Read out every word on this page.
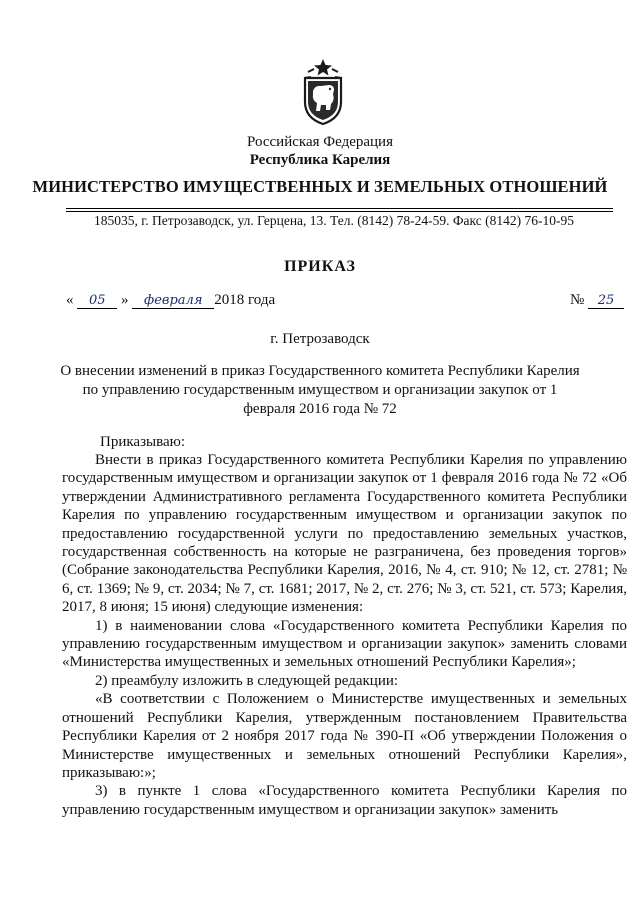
Российская Федерация
Республика Карелия
МИНИСТЕРСТВО ИМУЩЕСТВЕННЫХ И ЗЕМЕЛЬНЫХ ОТНОШЕНИЙ
185035, г. Петрозаводск, ул. Герцена, 13. Тел. (8142) 78-24-59. Факс (8142) 76-10-95
ПРИКАЗ
« 05 » февраля 2018 года	№ 25
г. Петрозаводск
О внесении изменений в приказ Государственного комитета Республики Карелия по управлению государственным имуществом и организации закупок от 1 февраля 2016 года № 72
Приказываю:

Внести в приказ Государственного комитета Республики Карелия по управлению государственным имуществом и организации закупок от 1 февраля 2016 года № 72 «Об утверждении Административного регламента Государственного комитета Республики Карелия по управлению государственным имуществом и организации закупок по предоставлению государственной услуги по предоставлению земельных участков, государственная собственность на которые не разграничена, без проведения торгов» (Собрание законодательства Республики Карелия, 2016, № 4, ст. 910; № 12, ст. 2781; № 6, ст. 1369; № 9, ст. 2034; № 7, ст. 1681; 2017, № 2, ст. 276; № 3, ст. 521, ст. 573; Карелия, 2017, 8 июня; 15 июня) следующие изменения:

1) в наименовании слова «Государственного комитета Республики Карелия по управлению государственным имуществом и организации закупок» заменить словами «Министерства имущественных и земельных отношений Республики Карелия»;

2) преамбулу изложить в следующей редакции:

«В соответствии с Положением о Министерстве имущественных и земельных отношений Республики Карелия, утвержденным постановлением Правительства Республики Карелия от 2 ноября 2017 года № 390-П «Об утверждении Положения о Министерстве имущественных и земельных отношений Республики Карелия», приказываю:»;

3) в пункте 1 слова «Государственного комитета Республики Карелия по управлению государственным имуществом и организации закупок» заменить
